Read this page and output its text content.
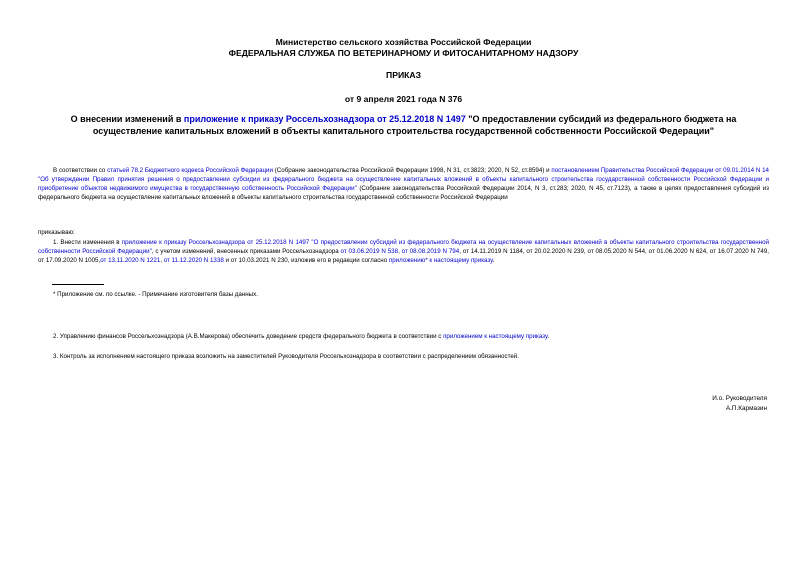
Министерство сельского хозяйства Российской Федерации
ФЕДЕРАЛЬНАЯ СЛУЖБА ПО ВЕТЕРИНАРНОМУ И ФИТОСАНИТАРНОМУ НАДЗОРУ
ПРИКАЗ
от 9 апреля 2021 года N 376
О внесении изменений в приложение к приказу Россельхознадзора от 25.12.2018 N 1497 "О предоставлении субсидий из федерального бюджета на осуществление капитальных вложений в объекты капитального строительства государственной собственности Российской Федерации"
В соответствии со статьей 78.2 Бюджетного кодекса Российской Федерации (Собрание законодательства Российской Федерации 1998, N 31, ст.3823; 2020, N 52, ст.8594) и постановлением Правительства Российской Федерации от 09.01.2014 N 14 "Об утверждении Правил принятия решения о предоставлении субсидии из федерального бюджета на осуществление капитальных вложений в объекты капитального строительства государственной собственности Российской Федерации и приобретение объектов недвижимого имущества в государственную собственность Российской Федерации" (Собрание законодательства Российской Федерации 2014, N 3, ст.283; 2020, N 45, ст.7123), а также в целях предоставления субсидий из федерального бюджета на осуществление капитальных вложений в объекты капитального строительства государственной собственности Российской Федерации
приказываю:
1. Внести изменения в приложение к приказу Россельхознадзора от 25.12.2018 N 1497 "О предоставлении субсидий из федерального бюджета на осуществление капитальных вложений в объекты капитального строительства государственной собственности Российской Федерации", с учетом изменений, внесенных приказами Россельхознадзора от 03.06.2019 N 538, от 08.08.2019 N 794, от 14.11.2019 N 1184, от 20.02.2020 N 239, от 08.05.2020 N 544, от 01.06.2020 N 624, от 16.07.2020 N 749, от 17.09.2020 N 1005,от 13.11.2020 N 1221, от 11.12.2020 N 1338 и от 10.03.2021 N 230, изложив его в редакции согласно приложению* к настоящему приказу.
* Приложение см. по ссылке. - Примечание изготовителя базы данных.
2. Управлению финансов Россельхознадзора (А.В.Макерова) обеспечить доведение средств федерального бюджета в соответствии с приложением к настоящему приказу.
3. Контроль за исполнением настоящего приказа возложить на заместителей Руководителя Россельхознадзора в соответствии с распределением обязанностей.
И.о. Руководителя
А.П.Кармазин
